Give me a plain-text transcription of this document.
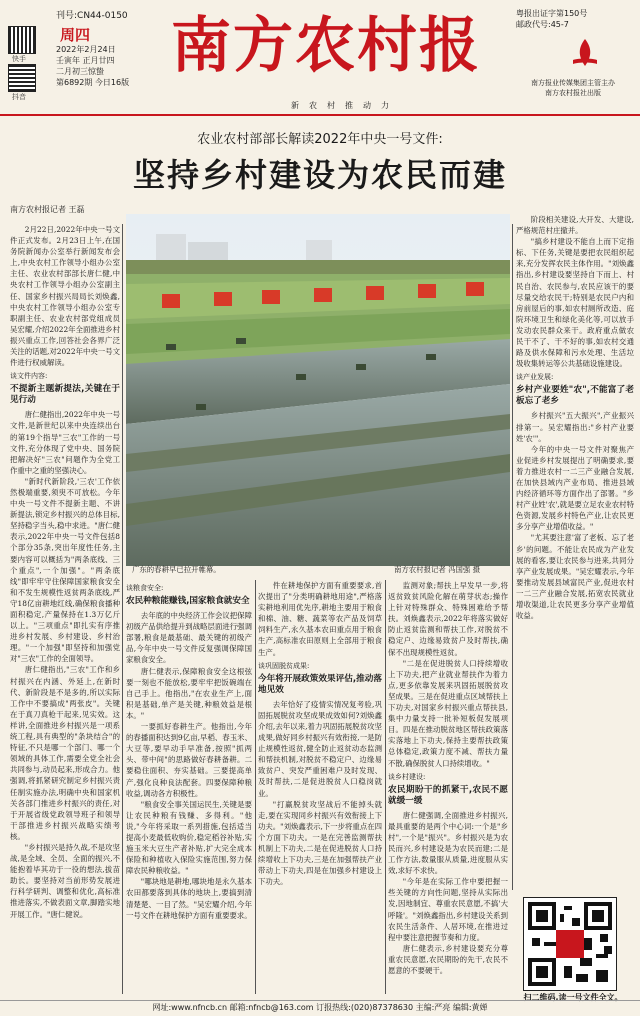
刊号:CN44-0150
快手
抖音
周四
2022年2月24日
壬寅年 正月廿四
二月初三惊蛰
第6892期 今日16版
南方农村报
新农村推动力
粤报出证字第150号
邮政代号:45-7
南方报业传媒集团主管主办
南方农村报社出版
农业农村部部长解读2022年中央一号文件:
坚持乡村建设为农民而建
南方农村报记者 王磊

2月22日,2022年中央一号文件正式发布。2月23日上午,在国务院新闻办公室举行新闻发布会上,中央农村工作领导小组办公室主任、农业农村部部长唐仁健,中央农村工作领导小组办公室副主任、国家乡村振兴局局长刘焕鑫,中央农村工作领导小组办公室专职副主任、农业农村部党组成员吴宏耀,介绍2022年全面推进乡村振兴重点工作,回答社会各界广泛关注的话题,对2022年中央一号文件进行权威解读。

谈文件内容:
不提新主题新提法,关键在于见行动

唐仁健指出,2022年中央一号文件,是新世纪以来中央连续出台的第19个指导"三农"工作的一号文件,充分体现了党中央、国务院把解决好"三农"问题作为全党工作重中之重的坚强决心。

"新时代新阶段,'三农'工作依然极端重要,须臾不可放松。今年中央一号文件不提新主题、不讲新提法,锁定乡村振兴的总体目标,坚持稳字当头,稳中求进。"唐仁健表示,2022年中央一号文件包括8个部分35条,突出年度性任务,主要内容可以概括为"两条底线、三个重点",一个加强"。"两条底线"即牢牢守住保障国家粮食安全和不发生规模性返贫两条底线,严守18亿亩耕地红线,确保粮食播种面积稳定,产量保持在1.3万亿斤以上。"三项重点"即扎实有序推进乡村发展、乡村建设、乡村治理。"一个加强"即坚持和加强党对"三农"工作的全面领导。

唐仁健指出,"三农"工作和乡村振兴在内涵、外延上,在新时代、新阶段是不是多的,所以实际工作中不要搞成"两张皮"。关键在于真刀真枪干起来,见实效。这样讲,全面推进乡村振兴是一项系统工程,具有典型的"条块结合"的特征,不只是哪一个部门、哪一个领域的具体工作,需要全党全社会共同参与,动员起来,形成合力。他强调,将抓紧研究制定乡村振兴责任制实施办法,明确中央和国家机关各部门推进乡村振兴的责任,对于开展省级党政领导班子和领导干部推进乡村振兴战略实绩考核。

"乡村振兴是持久战,不是攻坚战,是全域、全员、全面的振兴,不能抱着毕其功于一役的想法,拔苗助长。要坚持对当前形势发展进行科学研判、调整和优化,高标准推进落实,不做表面文章,脚踏实地开展工作。"唐仁健说。

广东的春耕早已拉开帷幕。	南方农村报记者 冯国强 摄

阶段相关建设,大开发、大建设,严格规范村庄撤并。

"搞乡村建设不能自上而下定指标、下任务,关键是要把农民组织起来,充分发挥农民主体作用。"刘焕鑫指出,乡村建设要坚持自下而上、村民自治、农民参与,农民应该干的要尽量交给农民干;特别是农民户内和房前屋后的事,如农村厕所改造、庭院环境卫生和绿化美化等,可以放手发动农民群众来干。政府重点做农民干不了、干不好的事,如农村交通路及供水保障和污水处理、生活垃圾收集转运等公共基础设施建设。

谈产业发展:
乡村产业要姓"农",不能富了老板忘了老乡

乡村振兴"五大振兴",产业振兴排第一。吴宏耀指出:"乡村产业要姓'农'"。

今年的中央一号文件对聚焦产业促进乡村发展提出了明确要求,要着力推进农村一二三产业融合发展,在加快县域内产业布局、推进县域内经济循环等方面作出了部署。"乡村产业姓'农',就是要立足农业农村特色资源,发展乡村特色产业,让农民更多分享产业增值收益。"

"尤其要注意'富了老板、忘了老乡'的问题。不能让农民成为产业发展的看客,要让农民参与进来,共同分享产业发展成果。"吴宏耀表示,今年要推动发展县域富民产业,促进农村一二三产业融合发展,拓宽农民就业增收渠道,让农民更多分享产业增值收益。

谈粮食安全:
农民种粮能赚钱,国家粮食就安全

去年底的中央经济工作会议把保障初级产品供给提升到战略层面进行强调部署,粮食是最基础、最关键的初级产品,今年中央一号文件反复强调保障国家粮食安全。

唐仁健表示,保障粮食安全这根弦要一刻也不能放松,要牢牢把饭碗端在自己手上。他指出,"在农业生产上,面积是基础,单产是关键,种粮效益是根本。"

一要抓好春耕生产。他指出,今年的春播面积达到9亿亩,早稻、春玉米、大豆等,要早动手早准备,按照"抓两头、带中间"的思路做好春耕备耕。二要稳住面积、夯实基础。三要提高单产,强化良种良法配套。四要保障种粮收益,调动各方积极性。

"粮食安全事关国运民生,关键是要让农民种粮有钱赚、多得利。"他说,"今年将采取一系列措施,包括适当提高小麦最低收购价,稳定稻谷补贴,实施玉米大豆生产者补贴,扩大完全成本保险和种植收入保险实施范围,努力保障农民种粮收益。"

"哪块地是耕地,哪块地是永久基本农田都要落到具体的地块上,要搞到清清楚楚、一目了然。"吴宏耀介绍,今年一号文件在耕地保护方面有重要要求。

件在耕地保护方面有重要要求,首次提出了"分类明确耕地用途",严格落实耕地利用优先序,耕地主要用于粮食和棉、油、糖、蔬菜等农产品及饲草饲料生产,永久基本农田重点用于粮食生产,高标准农田原则上全部用于粮食生产。

谈巩固脱贫成果:
今年将开展政策效果评估,推动落地见效

去年恰好了疫情实情况复考验,巩固拓展脱贫攻坚成果成效如何?刘焕鑫介绍,去年以来,着力巩固拓展脱贫攻坚成果,做好同乡村振兴有效衔接,一是防止规模性返贫,健全防止返贫动态监测和帮扶机制,对脱贫不稳定户、边缘易致贫户、突发严重困难户及时发现、及时帮扶,二是促进脱贫人口稳岗就业。

"打赢脱贫攻坚战后不能掉头就走,要在实现同乡村振兴有效衔接上下功夫。"刘焕鑫表示,下一步将重点在四个方面下功夫。一是在完善监测帮扶机制上下功夫,二是在促进脱贫人口持续增收上下功夫,三是在加强帮扶产业带动上下功夫,四是在加强乡村建设上下功夫。

监测对象;帮扶上早发早一步,将返贫致贫风险化解在萌芽状态;操作上针对特殊群众、特殊困难给予帮扶。刘焕鑫表示,2022年将落实做好防止返贫监测和帮扶工作,对脱贫不稳定户、边缘易致贫户及时帮扶,确保不出现规模性返贫。

"二是在促进脱贫人口持续增收上下功夫,把产业就业帮扶作为着力点,更多依靠发展来巩固拓展脱贫攻坚成果。三是在促进重点区域帮扶上下功夫,对国家乡村振兴重点帮扶县,集中力量支持一批补短板促发展项目。四是在推动脱贫地区帮扶政策落实落地上下功夫,保持主要帮扶政策总体稳定,政策力度不减、帮扶力量不散,确保脱贫人口持续增收。"

谈乡村建设:
农民期盼干的抓紧干,农民不愿就缓一缓

唐仁健强调,全面推进乡村振兴,最具重要的是两个中心词:一个是"乡村",一个是"振兴"。乡村振兴是为农民而兴,乡村建设是为农民而建;二是工作方法,数量服从质量,进度服从实效,求好不求快。

"今年是在实际工作中要把握一些关键的方向性问题,坚持从实际出发,因地制宜、尊重农民意愿,不搞'大呼隆'。"刘焕鑫指出,乡村建设关系到农民生活条件、人居环境,在推进过程中要注意把握节奏和力度。

唐仁健表示,乡村建设要充分尊重农民意愿,农民期盼的先干,农民不愿意的不要硬干。

扫二维码,读一号文件全文。
网址:www.nfncb.cn 邮箱:nfncb@163.com 订报热线:(020)87378630 主编:严亮 编辑:黄婵
